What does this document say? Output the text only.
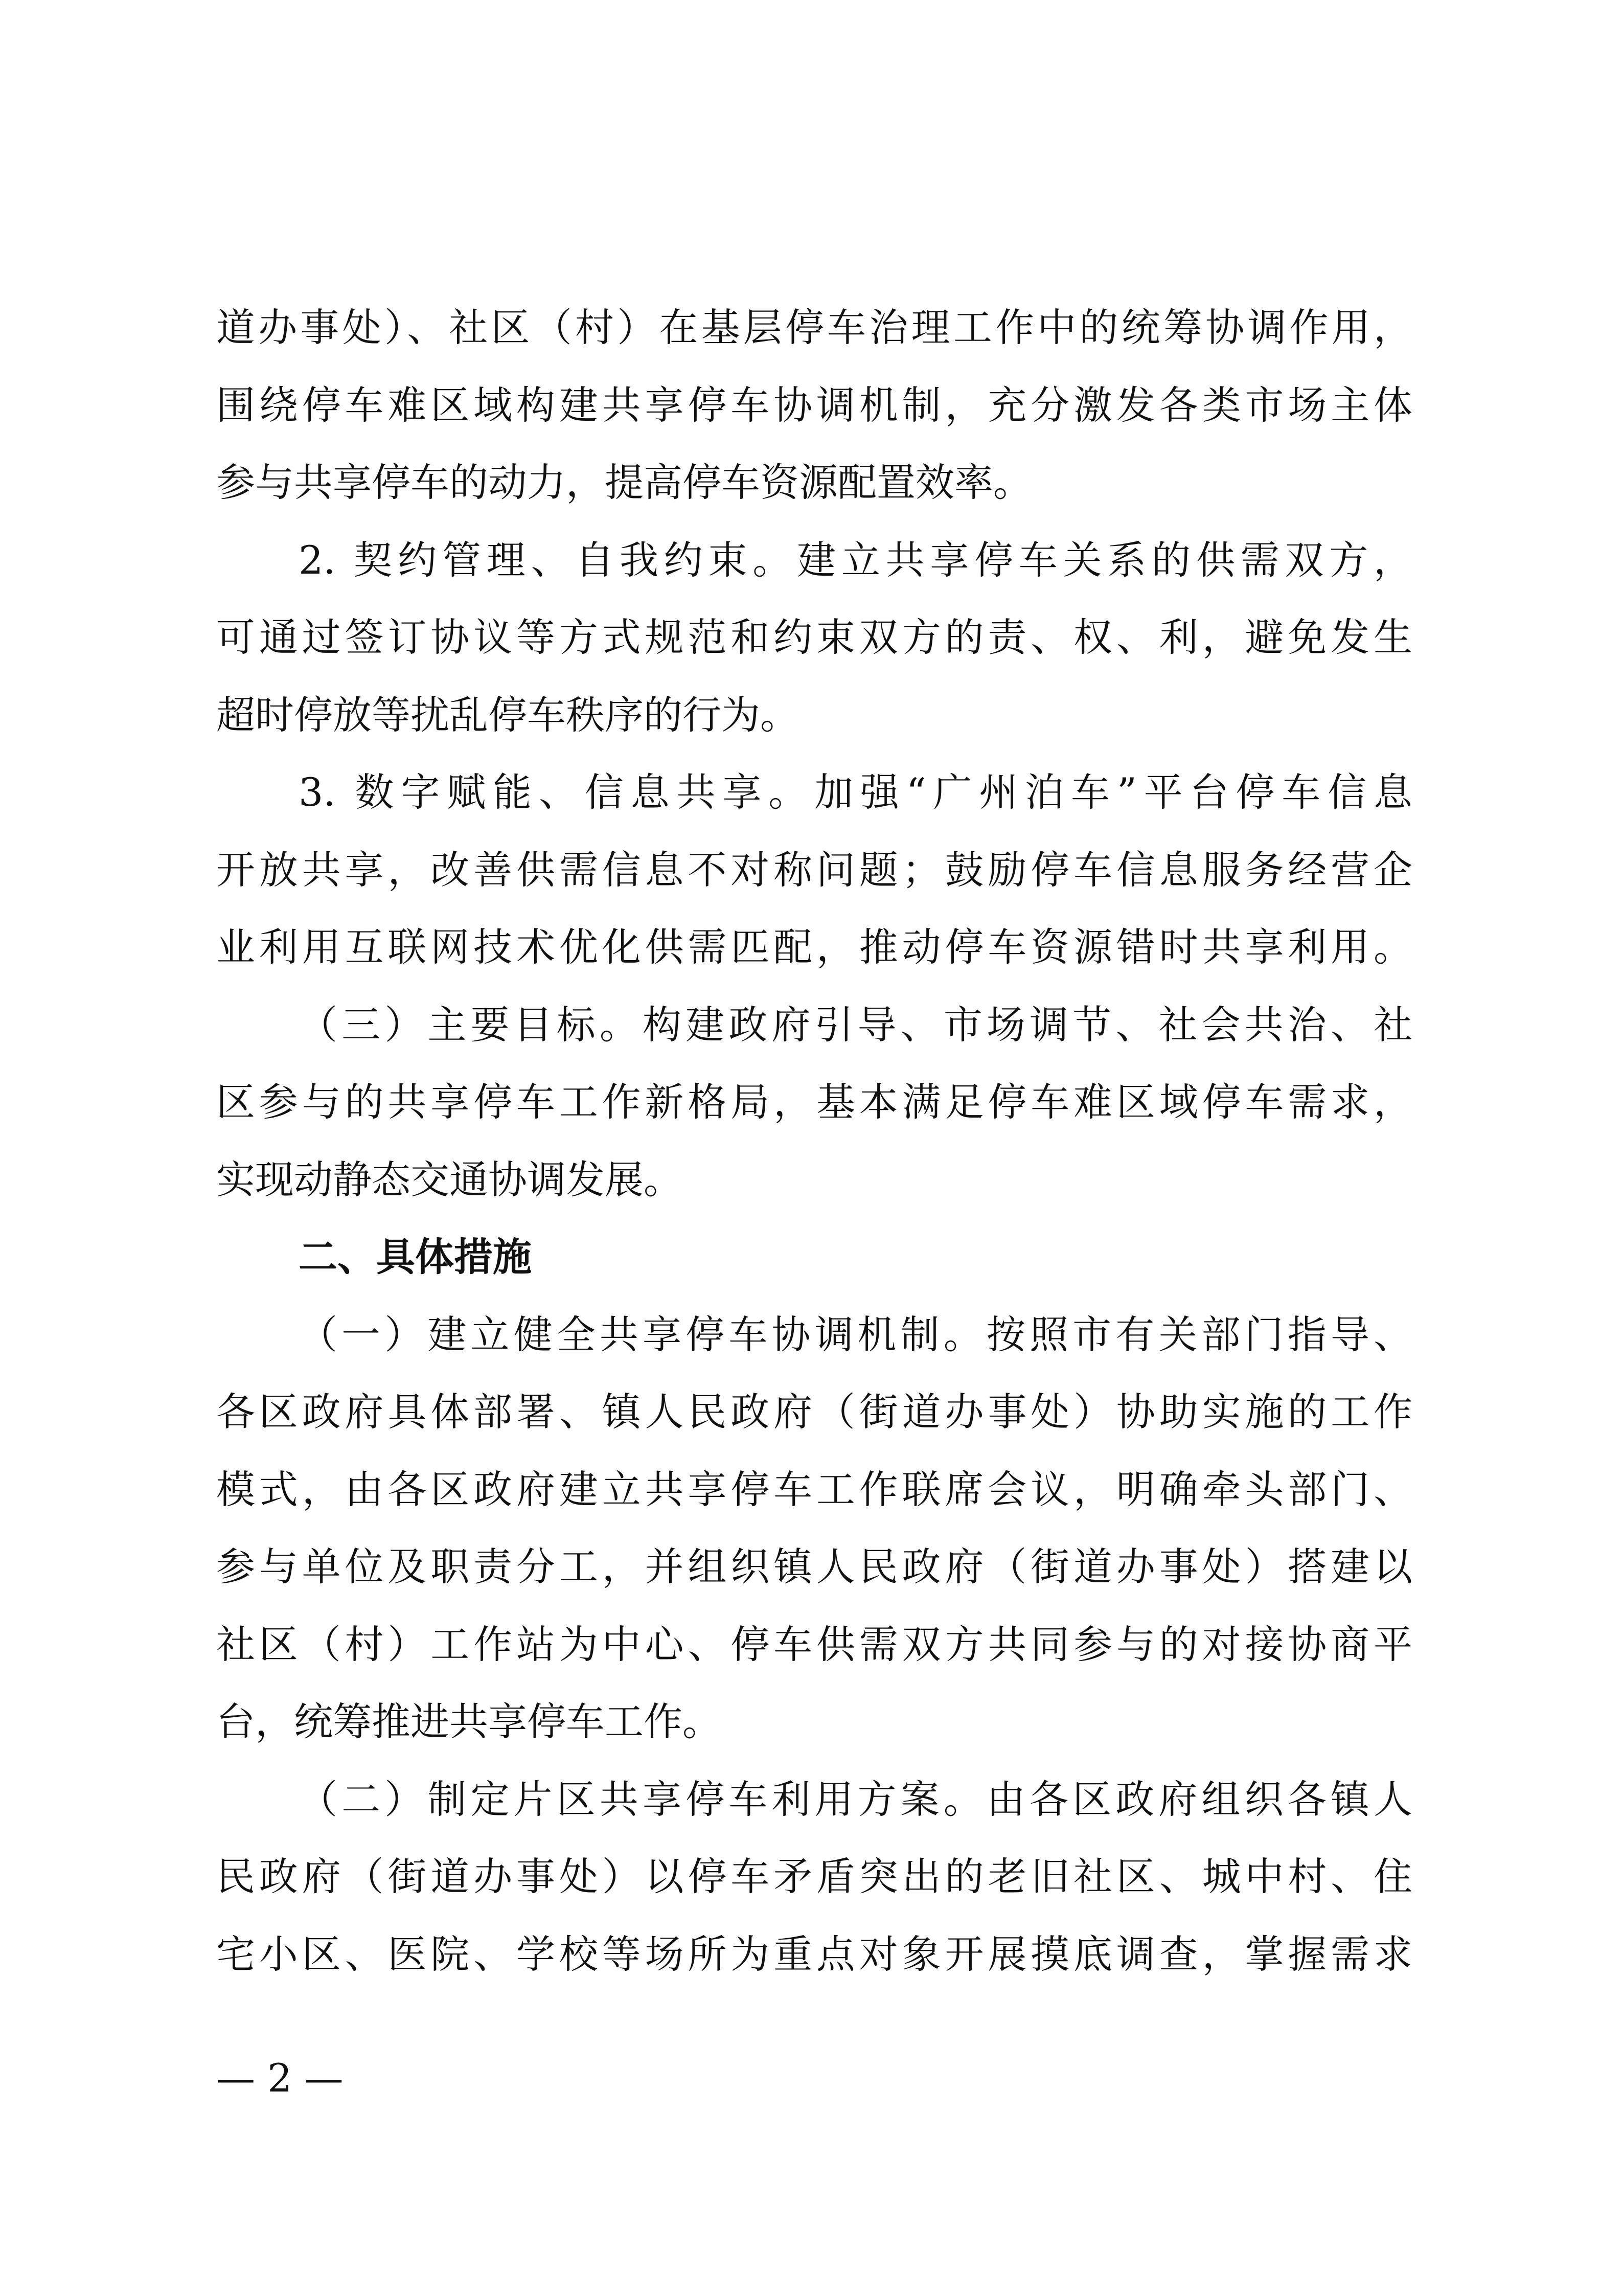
道办事处）、社区（村）在基层停车治理工作中的统筹协调作用，
围绕停车难区域构建共享停车协调机制，充分激发各类市场主体
参与共享停车的动力，提高停车资源配置效率。
2. 契约管理、自我约束。建立共享停车关系的供需双方，
可通过签订协议等方式规范和约束双方的责、权、利，避免发生
超时停放等扰乱停车秩序的行为。
3. 数字赋能、信息共享。加强“广州泊车”平台停车信息
开放共享，改善供需信息不对称问题；鼓励停车信息服务经营企
业利用互联网技术优化供需匹配，推动停车资源错时共享利用。
（三）主要目标。构建政府引导、市场调节、社会共治、社
区参与的共享停车工作新格局，基本满足停车难区域停车需求，
实现动静态交通协调发展。
二、具体措施
（一）建立健全共享停车协调机制。按照市有关部门指导、
各区政府具体部署、镇人民政府（街道办事处）协助实施的工作
模式，由各区政府建立共享停车工作联席会议，明确牵头部门、
参与单位及职责分工，并组织镇人民政府（街道办事处）搭建以
社区（村）工作站为中心、停车供需双方共同参与的对接协商平
台，统筹推进共享停车工作。
（二）制定片区共享停车利用方案。由各区政府组织各镇人
民政府（街道办事处）以停车矛盾突出的老旧社区、城中村、住
宅小区、医院、学校等场所为重点对象开展摸底调查，掌握需求
— 2 —
